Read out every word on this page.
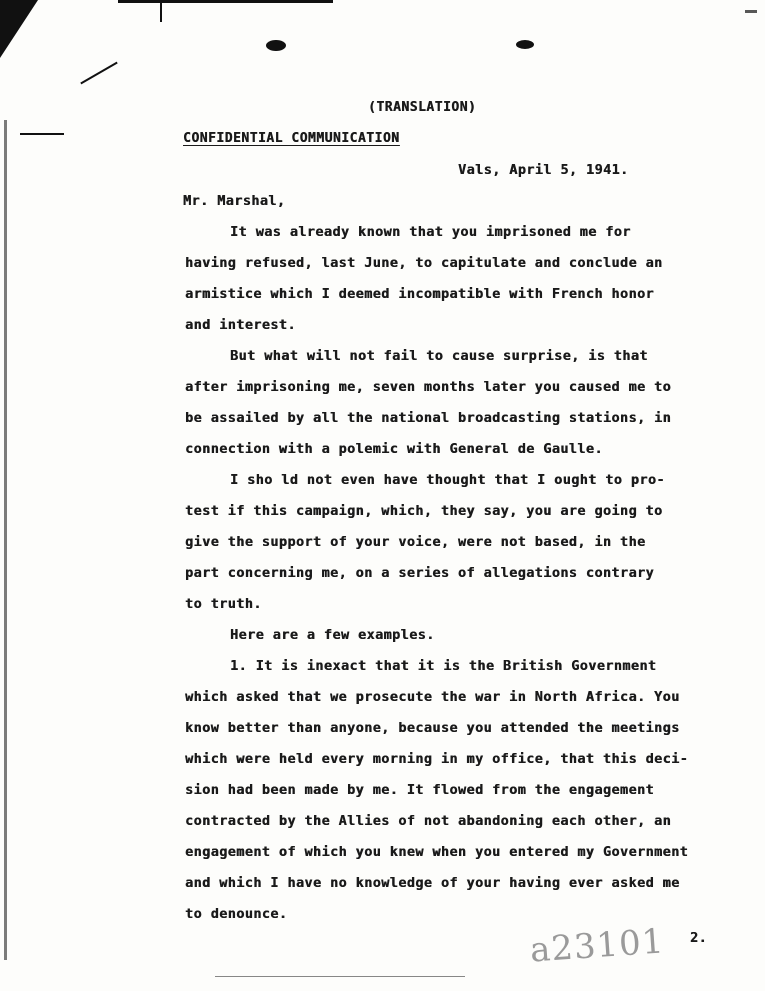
(TRANSLATION)
CONFIDENTIAL COMMUNICATION
Vals, April 5, 1941.
Mr. Marshal,
It was already known that you imprisoned me for
having refused, last June, to capitulate and conclude an
armistice which I deemed incompatible with French honor
and interest.
But what will not fail to cause surprise, is that
after imprisoning me, seven months later you caused me to
be assailed by all the national broadcasting stations, in
connection with a polemic with General de Gaulle.
I sho ld not even have thought that I ought to pro-
test if this campaign, which, they say, you are going to
give the support of your voice, were not based, in the
part concerning me, on a series of allegations contrary
to truth.
Here are a few examples.
1. It is inexact that it is the British Government
which asked that we prosecute the war in North Africa. You
know better than anyone, because you attended the meetings
which were held every morning in my office, that this deci-
sion had been made by me. It flowed from the engagement
contracted by the Allies of not abandoning each other, an
engagement of which you knew when you entered my Government
and which I have no knowledge of your having ever asked me
to denounce.
a23101 2.
